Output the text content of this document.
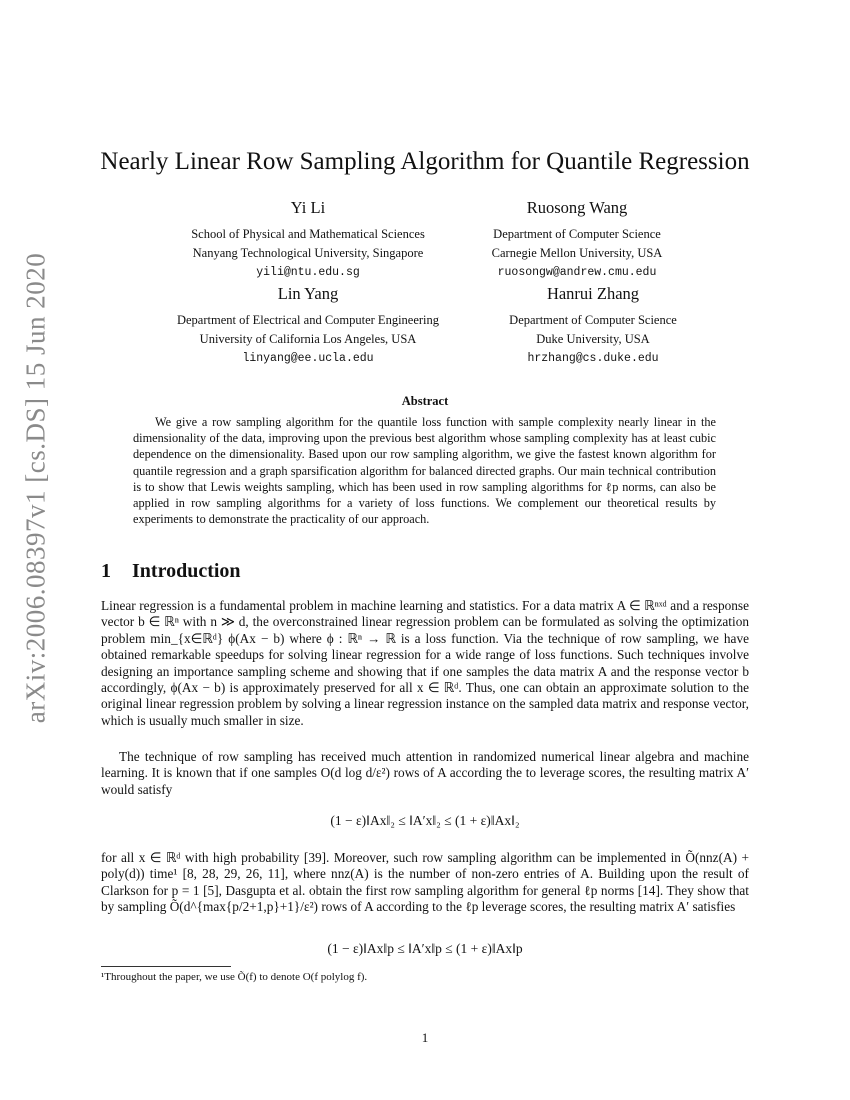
arXiv:2006.08397v1 [cs.DS] 15 Jun 2020
Nearly Linear Row Sampling Algorithm for Quantile Regression
Yi Li
School of Physical and Mathematical Sciences
Nanyang Technological University, Singapore
yili@ntu.edu.sg
Ruosong Wang
Department of Computer Science
Carnegie Mellon University, USA
ruosongw@andrew.cmu.edu
Lin Yang
Department of Electrical and Computer Engineering
University of California Los Angeles, USA
linyang@ee.ucla.edu
Hanrui Zhang
Department of Computer Science
Duke University, USA
hrzhang@cs.duke.edu
Abstract
We give a row sampling algorithm for the quantile loss function with sample complexity nearly linear in the dimensionality of the data, improving upon the previous best algorithm whose sampling complexity has at least cubic dependence on the dimensionality. Based upon our row sampling algorithm, we give the fastest known algorithm for quantile regression and a graph sparsification algorithm for balanced directed graphs. Our main technical contribution is to show that Lewis weights sampling, which has been used in row sampling algorithms for ℓp norms, can also be applied in row sampling algorithms for a variety of loss functions. We complement our theoretical results by experiments to demonstrate the practicality of our approach.
1 Introduction
Linear regression is a fundamental problem in machine learning and statistics. For a data matrix A ∈ ℝⁿˣᵈ and a response vector b ∈ ℝⁿ with n ≫ d, the overconstrained linear regression problem can be formulated as solving the optimization problem min_{x∈ℝᵈ} ϕ(Ax − b) where ϕ : ℝⁿ → ℝ is a loss function. Via the technique of row sampling, we have obtained remarkable speedups for solving linear regression for a wide range of loss functions. Such techniques involve designing an importance sampling scheme and showing that if one samples the data matrix A and the response vector b accordingly, ϕ(Ax − b) is approximately preserved for all x ∈ ℝᵈ. Thus, one can obtain an approximate solution to the original linear regression problem by solving a linear regression instance on the sampled data matrix and response vector, which is usually much smaller in size.
The technique of row sampling has received much attention in randomized numerical linear algebra and machine learning. It is known that if one samples O(d log d/ε²) rows of A according the to leverage scores, the resulting matrix A′ would satisfy
(1 − ε)‖Ax‖₂ ≤ ‖A′x‖₂ ≤ (1 + ε)‖Ax‖₂
for all x ∈ ℝᵈ with high probability [39]. Moreover, such row sampling algorithm can be implemented in Õ(nnz(A) + poly(d)) time¹ [8, 28, 29, 26, 11], where nnz(A) is the number of non-zero entries of A. Building upon the result of Clarkson for p = 1 [5], Dasgupta et al. obtain the first row sampling algorithm for general ℓp norms [14]. They show that by sampling Õ(d^{max{p/2+1,p}+1}/ε²) rows of A according to the ℓp leverage scores, the resulting matrix A′ satisfies
(1 − ε)‖Ax‖p ≤ ‖A′x‖p ≤ (1 + ε)‖Ax‖p
¹Throughout the paper, we use Õ(f) to denote O(f polylog f).
1
